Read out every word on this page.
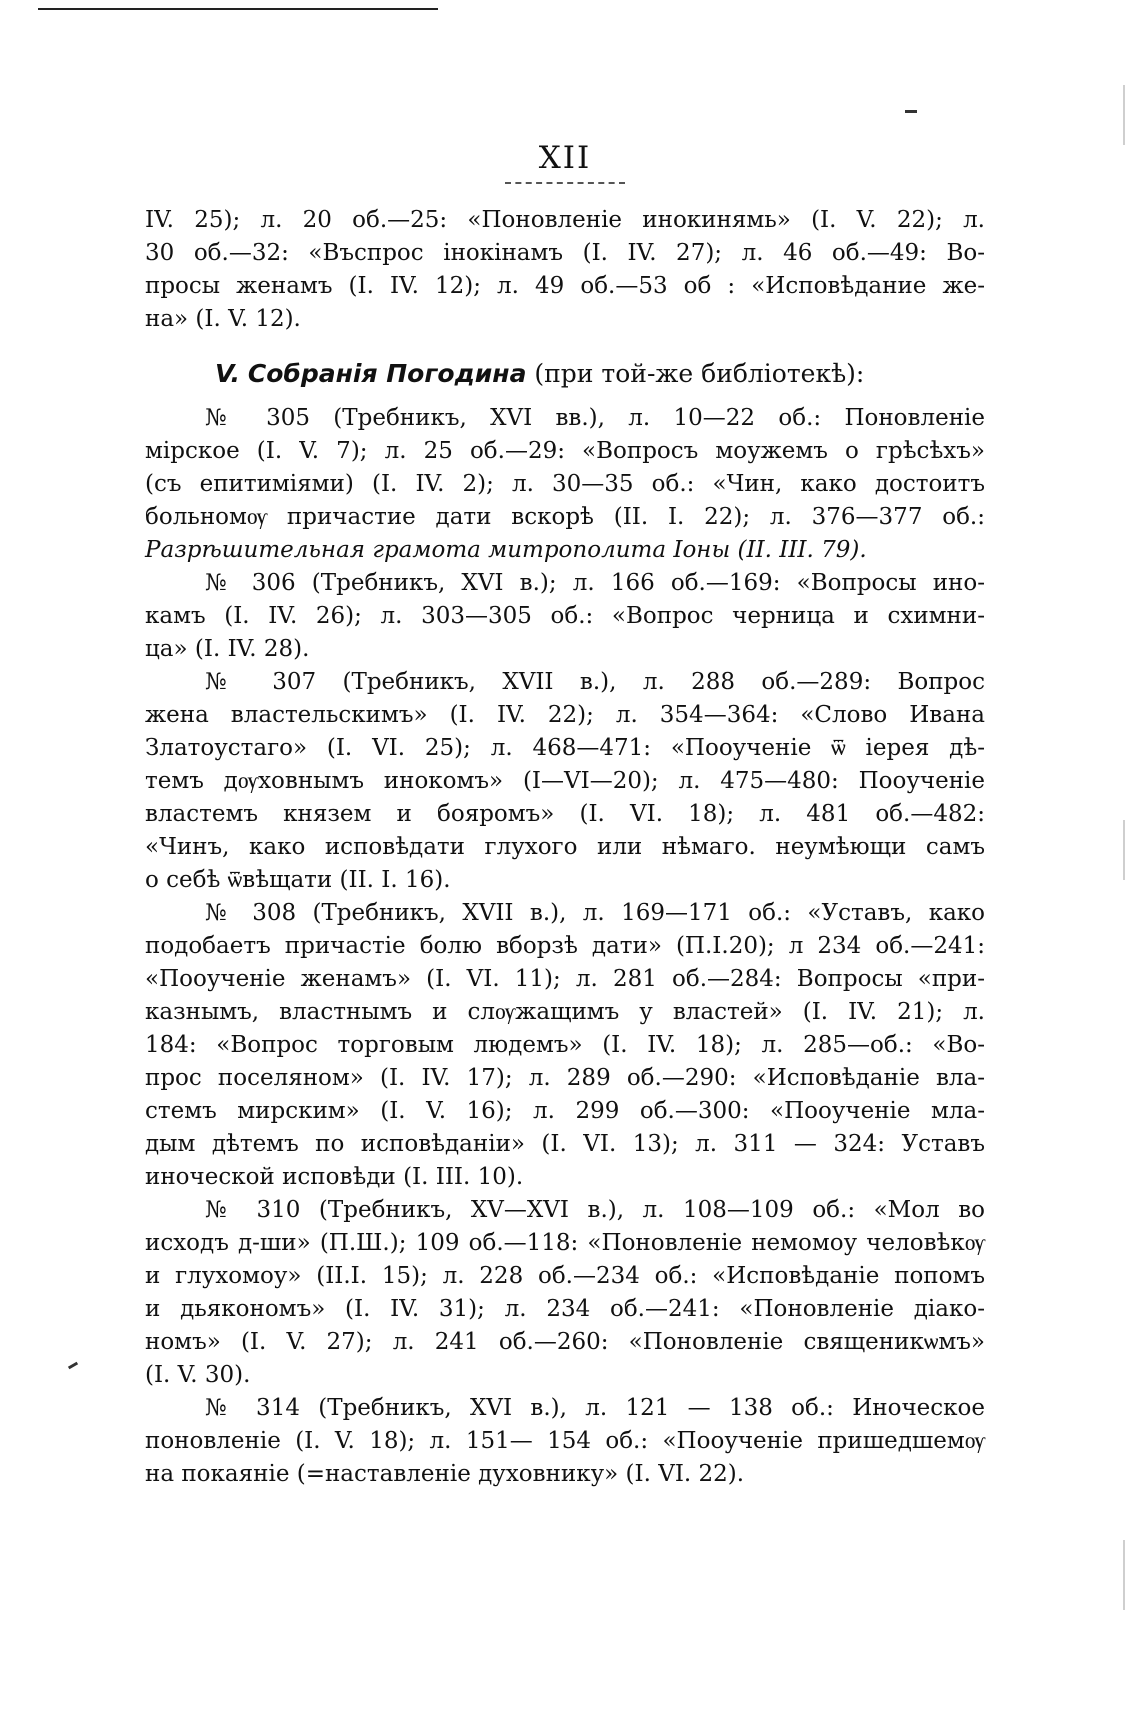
XII
IV. 25); л. 20 об.—25: «Поновленie инокинямь» (I. V. 22); л.
30 об.—32: «Въспрос iнокiнамъ (I. IV. 27); л. 46 об.—49: Во-
просы женамъ (I. IV. 12); л. 49 об.—53 об : «Исповѣдание же-
на» (I. V. 12).
V. Собранія Погодина (при той-же библіотекѣ):
№ 305 (Требникъ, XVI вв.), л. 10—22 об.: Поновленіе
мірское (I. V. 7); л. 25 об.—29: «Вопросъ моужемъ о грѣсѣхъ»
(съ епитиміями) (I. IV. 2); л. 30—35 об.: «Чин, како достоитъ
больномѹ причастие дати вскорѣ (II. I. 22); л. 376—377 об.:
Разрѣшительная грамота митрополита Іоны (II. III. 79).
№ 306 (Требникъ, XVI в.); л. 166 об.—169: «Вопросы ино-
камъ (I. IV. 26); л. 303—305 об.: «Вопрос черница и схимни-
ца» (I. IV. 28).
№ 307 (Требникъ, XVII в.), л. 288 об.—289: Вопрос
жена властельскимъ» (I. IV. 22); л. 354—364: «Слово Ивана
Златоустаго» (I. VI. 25); л. 468—471: «Пооученіе ѿ iерея дѣ-
темъ дѹховнымъ инокомъ» (I—VI—20); л. 475—480: Пооученіе
властемъ князем и бояромъ» (I. VI. 18); л. 481 об.—482:
«Чинъ, како исповѣдати глухого или нѣмаго. неумѣющи самъ
о себѣ ѿвѣщати (II. I. 16).
№ 308 (Требникъ, XVII в.), л. 169—171 об.: «Уставъ, како
подобаетъ причастіе болю вборзѣ дати» (П.I.20); л 234 об.—241:
«Пооученіе женамъ» (I. VI. 11); л. 281 об.—284: Вопросы «при-
казнымъ, властнымъ и слѹжащимъ у властей» (I. IV. 21); л.
184: «Вопрос торговым людемъ» (I. IV. 18); л. 285—об.: «Во-
прос поселяном» (I. IV. 17); л. 289 об.—290: «Исповѣданіе вла-
стемъ мирским» (I. V. 16); л. 299 об.—300: «Пооученіе мла-
дым дѣтемъ по исповѣданіи» (I. VI. 13); л. 311 — 324: Уставъ
иноческой исповѣди (I. III. 10).
№ 310 (Требникъ, XV—XVI в.), л. 108—109 об.: «Мол во
исходъ д-ши» (П.Ш.); 109 об.—118: «Поновленіе немомоу человѣкѹ
и глухомоу» (II.I. 15); л. 228 об.—234 об.: «Исповѣданіе попомъ
и дьякономъ» (I. IV. 31); л. 234 об.—241: «Поновленіе діако-
номъ» (I. V. 27); л. 241 об.—260: «Поновленіе священикѡмъ»
(I. V. 30).
№ 314 (Требникъ, XVI в.), л. 121 — 138 об.: Иноческое
поновленіе (I. V. 18); л. 151— 154 об.: «Пооученіе пришедшемѹ
на покаяніе (=наставленіе духовнику» (I. VI. 22).
